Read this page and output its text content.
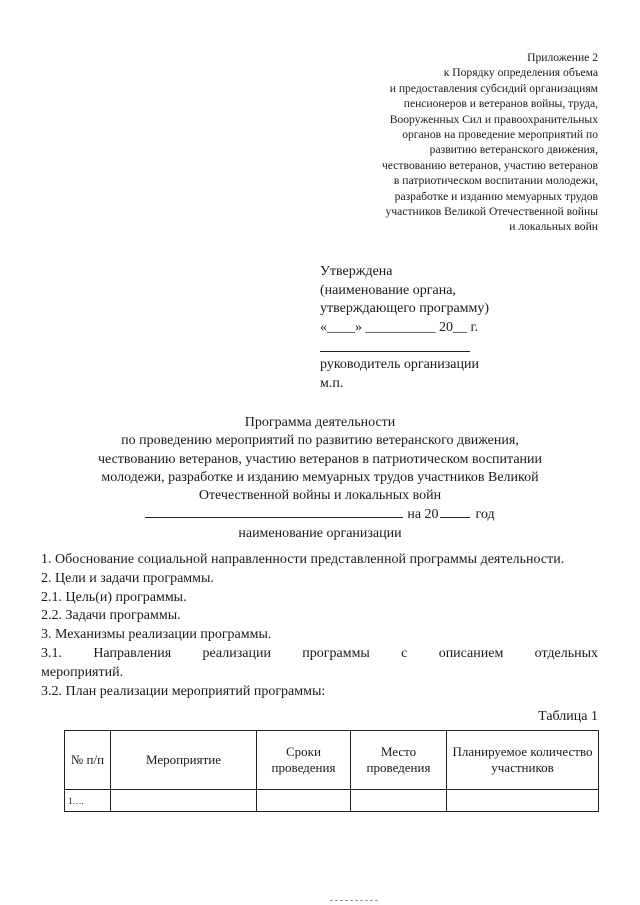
Приложение 2
к Порядку определения объема
и предоставления субсидий организациям
пенсионеров и ветеранов войны, труда,
Вооруженных Сил и правоохранительных
органов на проведение мероприятий по
развитию ветеранского движения,
чествованию ветеранов, участию ветеранов
в патриотическом воспитании молодежи,
разработке и изданию мемуарных трудов
участников Великой Отечественной войны
и локальных войн
Утверждена
(наименование органа,
утверждающего программу)
«____» __________ 20__ г.
руководитель организации
м.п.
Программа деятельности
по проведению мероприятий по развитию ветеранского движения,
чествованию ветеранов, участию ветеранов в патриотическом воспитании
молодежи, разработке и изданию мемуарных трудов участников Великой
Отечественной войны и локальных войн
на 20	год
наименование организации
1. Обоснование социальной направленности представленной программы деятельности.
2. Цели и задачи программы.
2.1. Цель(и) программы.
2.2. Задачи программы.
3. Механизмы реализации программы.
3.1. Направления реализации программы с описанием отдельных
мероприятий.
3.2. План реализации мероприятий программы:
Таблица 1
№ п/п	Мероприятие	Сроки проведения	Место проведения	Планируемое количество участников
1….				
